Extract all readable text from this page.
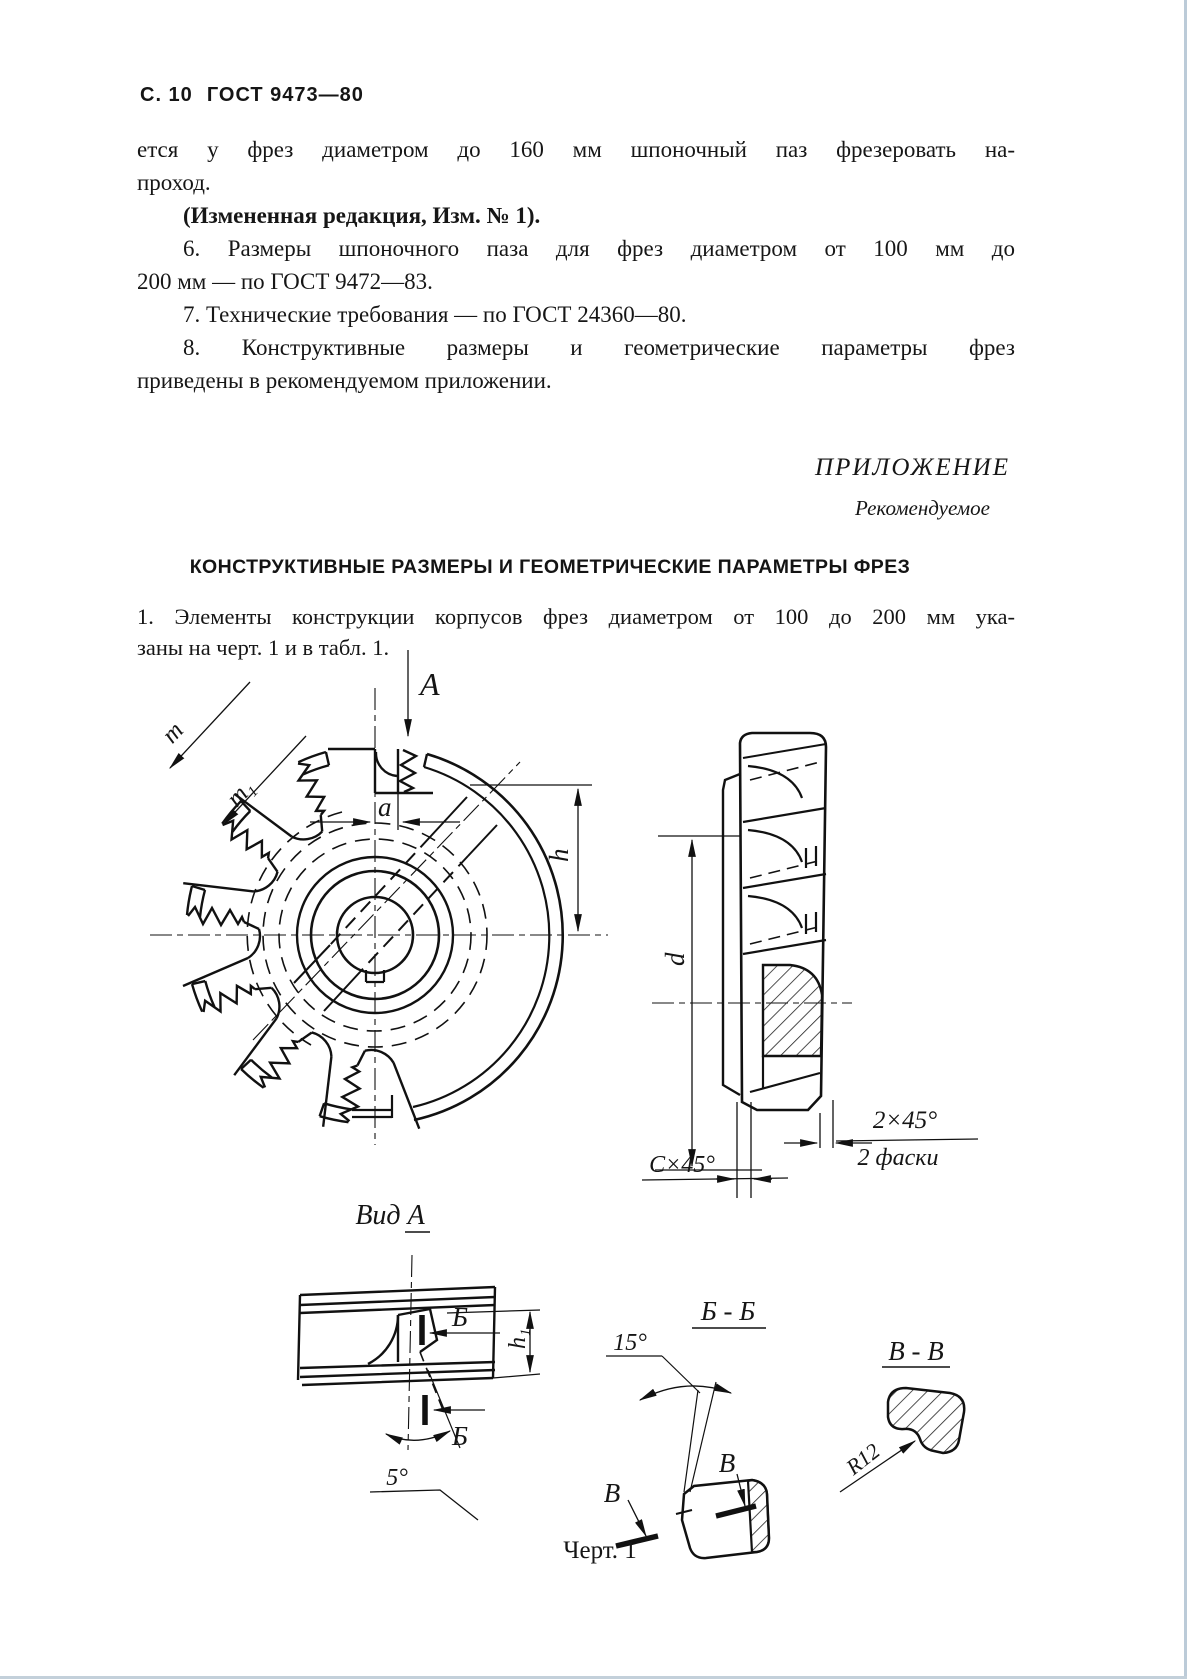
С. 10 ГОСТ 9473—80
ется у фрез диаметром до 160 мм шпоночный паз фрезеровать на-
проход.
(Измененная редакция, Изм. № 1).
6. Размеры шпоночного паза для фрез диаметром от 100 мм до
200 мм — по ГОСТ 9472—83.
7. Технические требования — по ГОСТ 24360—80.
8. Конструктивные размеры и геометрические параметры фрез
приведены в рекомендуемом приложении.
ПРИЛОЖЕНИЕ
Рекомендуемое
КОНСТРУКТИВНЫЕ РАЗМЕРЫ И ГЕОМЕТРИЧЕСКИЕ ПАРАМЕТРЫ ФРЕЗ
1. Элементы конструкции корпусов фрез диаметром от 100 до 200 мм ука-
заны на черт. 1 и в табл. 1.
А
a
h
m
m₁
d
2×45°
2 фаски
С×45°
Вид А
Б
Б
h₁
5°
Б - Б
15°
В
В
В - В
R12
Черт. 1
